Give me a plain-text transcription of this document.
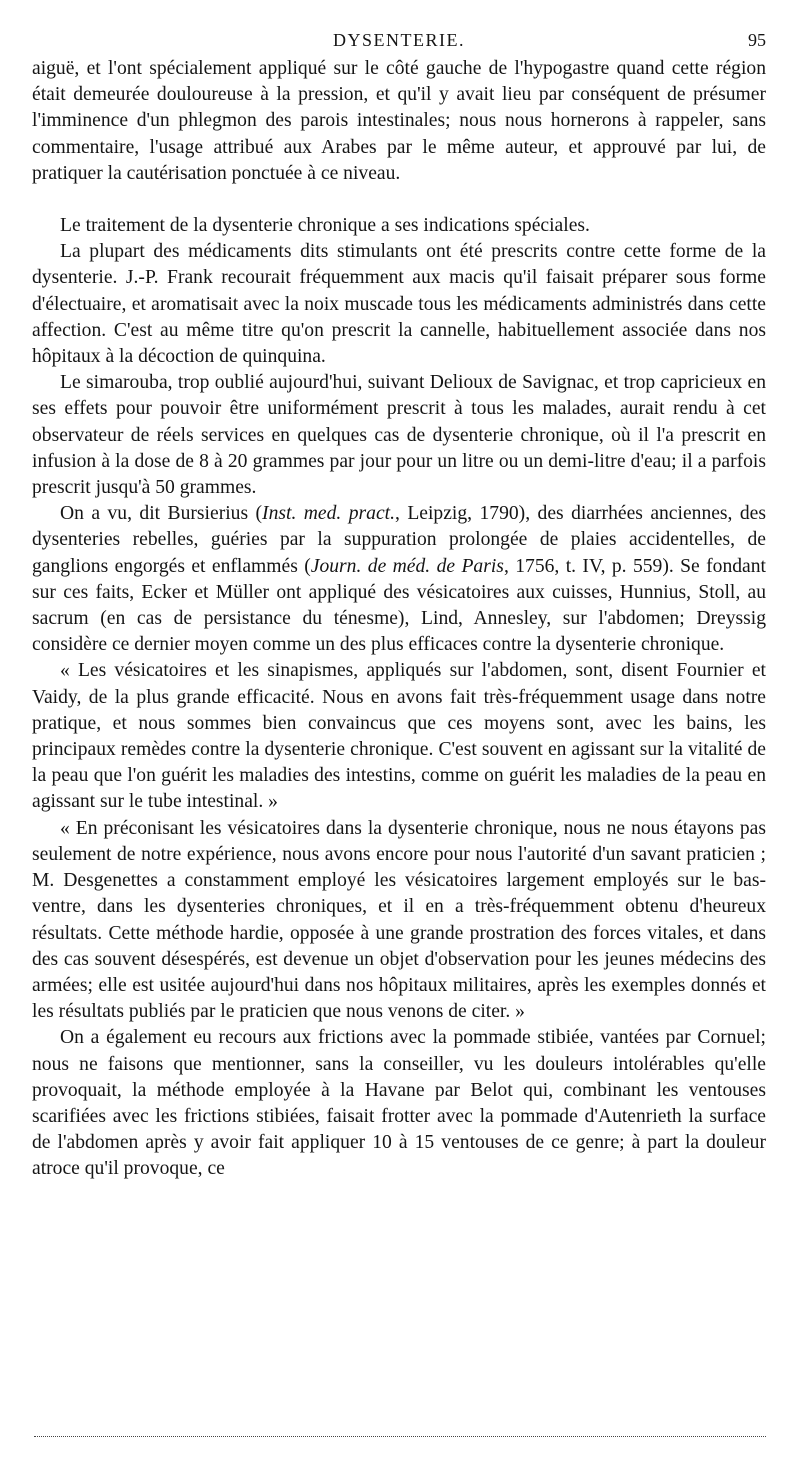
DYSENTERIE.	95

aiguë, et l'ont spécialement appliqué sur le côté gauche de l'hypogastre quand cette région était demeurée douloureuse à la pression, et qu'il y avait lieu par conséquent de présumer l'imminence d'un phlegmon des parois intestinales; nous nous hornerons à rappeler, sans commentaire, l'usage attribué aux Arabes par le même auteur, et approuvé par lui, de pratiquer la cautérisation ponctuée à ce niveau.

Le traitement de la dysenterie chronique a ses indications spéciales.

La plupart des médicaments dits stimulants ont été prescrits contre cette forme de la dysenterie. J.-P. Frank recourait fréquemment aux macis qu'il faisait préparer sous forme d'électuaire, et aromatisait avec la noix muscade tous les médicaments administrés dans cette affection. C'est au même titre qu'on prescrit la cannelle, habituellement associée dans nos hôpitaux à la décoction de quinquina.

Le simarouba, trop oublié aujourd'hui, suivant Delioux de Savignac, et trop capricieux en ses effets pour pouvoir être uniformément prescrit à tous les malades, aurait rendu à cet observateur de réels services en quelques cas de dysenterie chronique, où il l'a prescrit en infusion à la dose de 8 à 20 grammes par jour pour un litre ou un demi-litre d'eau; il a parfois prescrit jusqu'à 50 grammes.

On a vu, dit Bursierius (Inst. med. pract., Leipzig, 1790), des diarrhées anciennes, des dysenteries rebelles, guéries par la suppuration prolongée de plaies accidentelles, de ganglions engorgés et enflammés (Journ. de méd. de Paris, 1756, t. IV, p. 559). Se fondant sur ces faits, Ecker et Müller ont appliqué des vésicatoires aux cuisses, Hunnius, Stoll, au sacrum (en cas de persistance du ténesme), Lind, Annesley, sur l'abdomen; Dreyssig considère ce dernier moyen comme un des plus efficaces contre la dysenterie chronique.

« Les vésicatoires et les sinapismes, appliqués sur l'abdomen, sont, disent Fournier et Vaidy, de la plus grande efficacité. Nous en avons fait très-fréquemment usage dans notre pratique, et nous sommes bien convaincus que ces moyens sont, avec les bains, les principaux remèdes contre la dysenterie chronique. C'est souvent en agissant sur la vitalité de la peau que l'on guérit les maladies des intestins, comme on guérit les maladies de la peau en agissant sur le tube intestinal. »

« En préconisant les vésicatoires dans la dysenterie chronique, nous ne nous étayons pas seulement de notre expérience, nous avons encore pour nous l'autorité d'un savant praticien ; M. Desgenettes a constamment employé les vésicatoires largement employés sur le bas-ventre, dans les dysenteries chroniques, et il en a très-fréquemment obtenu d'heureux résultats. Cette méthode hardie, opposée à une grande prostration des forces vitales, et dans des cas souvent désespérés, est devenue un objet d'observation pour les jeunes médecins des armées; elle est usitée aujourd'hui dans nos hôpitaux militaires, après les exemples donnés et les résultats publiés par le praticien que nous venons de citer. »

On a également eu recours aux frictions avec la pommade stibiée, vantées par Cornuel; nous ne faisons que mentionner, sans la conseiller, vu les douleurs intolérables qu'elle provoquait, la méthode employée à la Havane par Belot qui, combinant les ventouses scarifiées avec les frictions stibiées, faisait frotter avec la pommade d'Autenrieth la surface de l'abdomen après y avoir fait appliquer 10 à 15 ventouses de ce genre; à part la douleur atroce qu'il provoque, ce
